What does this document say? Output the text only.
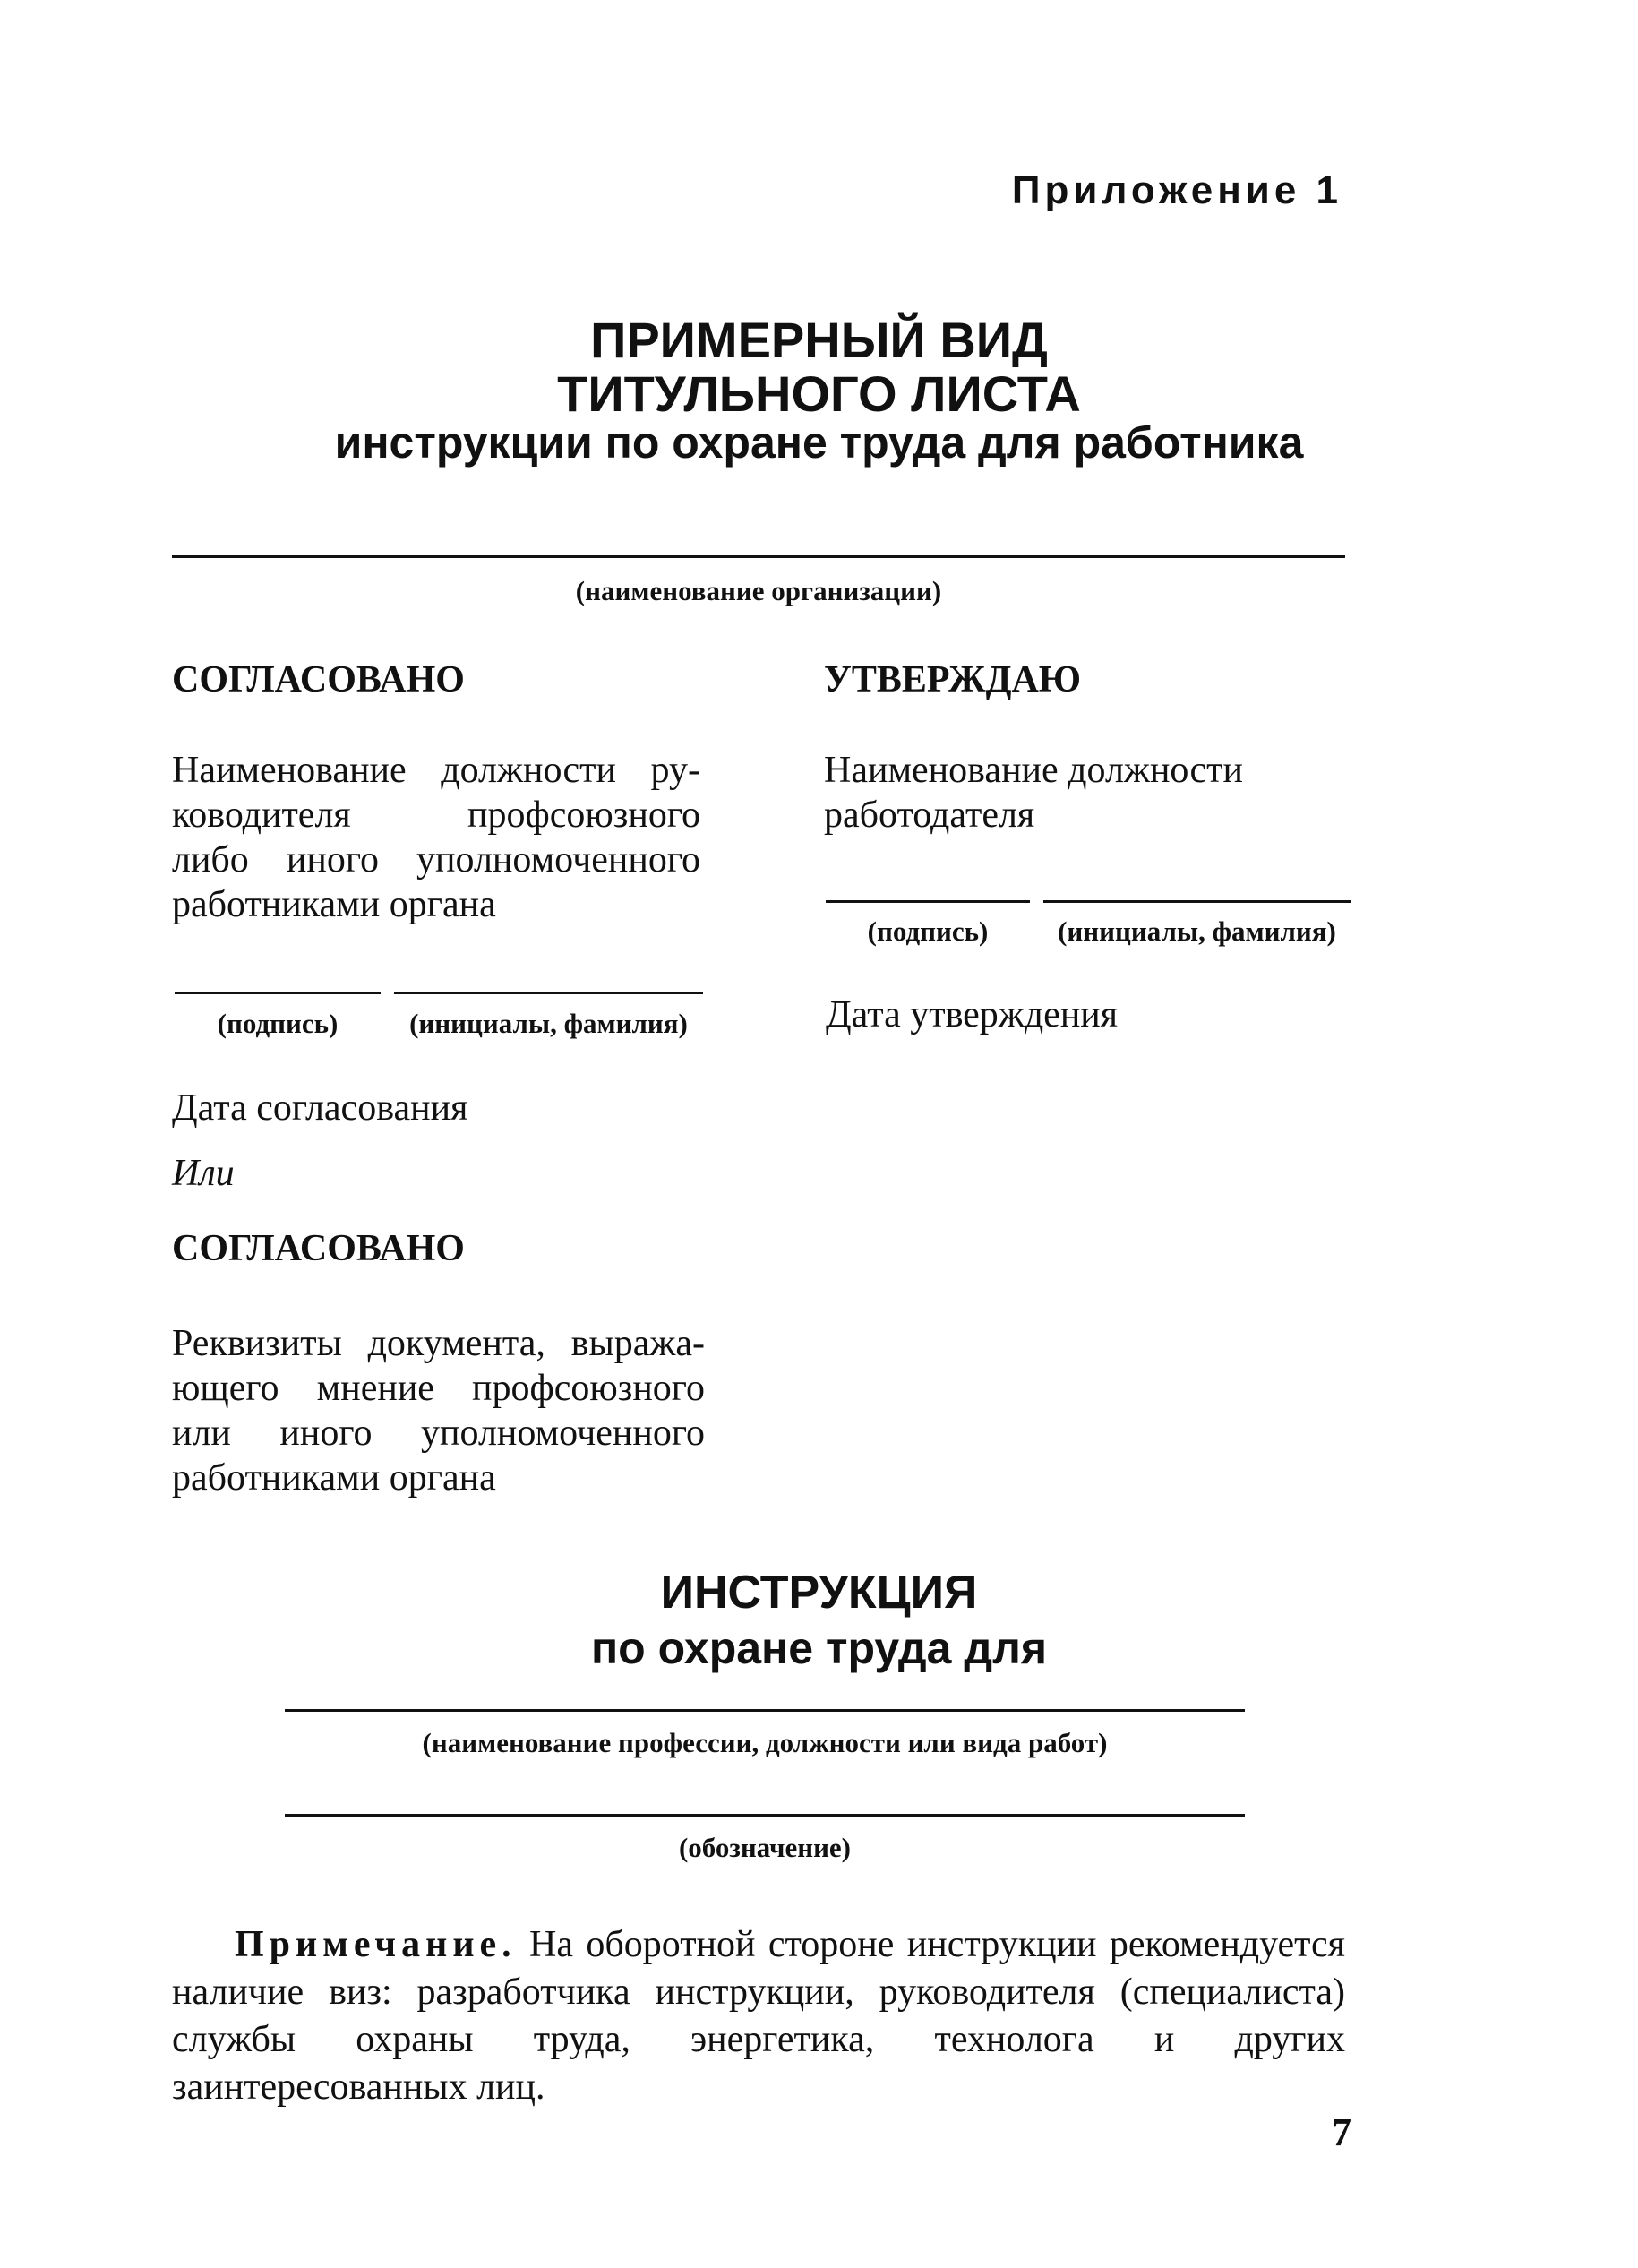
Приложение 1
ПРИМЕРНЫЙ ВИД
ТИТУЛЬНОГО ЛИСТА
инструкции по охране труда для работника
(наименование организации)
СОГЛАСОВАНО
Наименование должности ру-
ководителя профсоюзного
либо иного уполномоченного
работниками органа
(подпись)	(инициалы, фамилия)
Дата согласования
Или
СОГЛАСОВАНО
Реквизиты документа, выража-
ющего мнение профсоюзного
или иного уполномоченного
работниками органа
УТВЕРЖДАЮ
Наименование должности
работодателя
(подпись)	(инициалы, фамилия)
Дата утверждения
ИНСТРУКЦИЯ
по охране труда для
(наименование профессии, должности или вида работ)
(обозначение)
Примечание. На оборотной стороне инструкции рекомендуется наличие виз: разработчика инструкции, руководителя (специалиста) службы охраны труда, энергетика, технолога и других заинтересованных лиц.
7
